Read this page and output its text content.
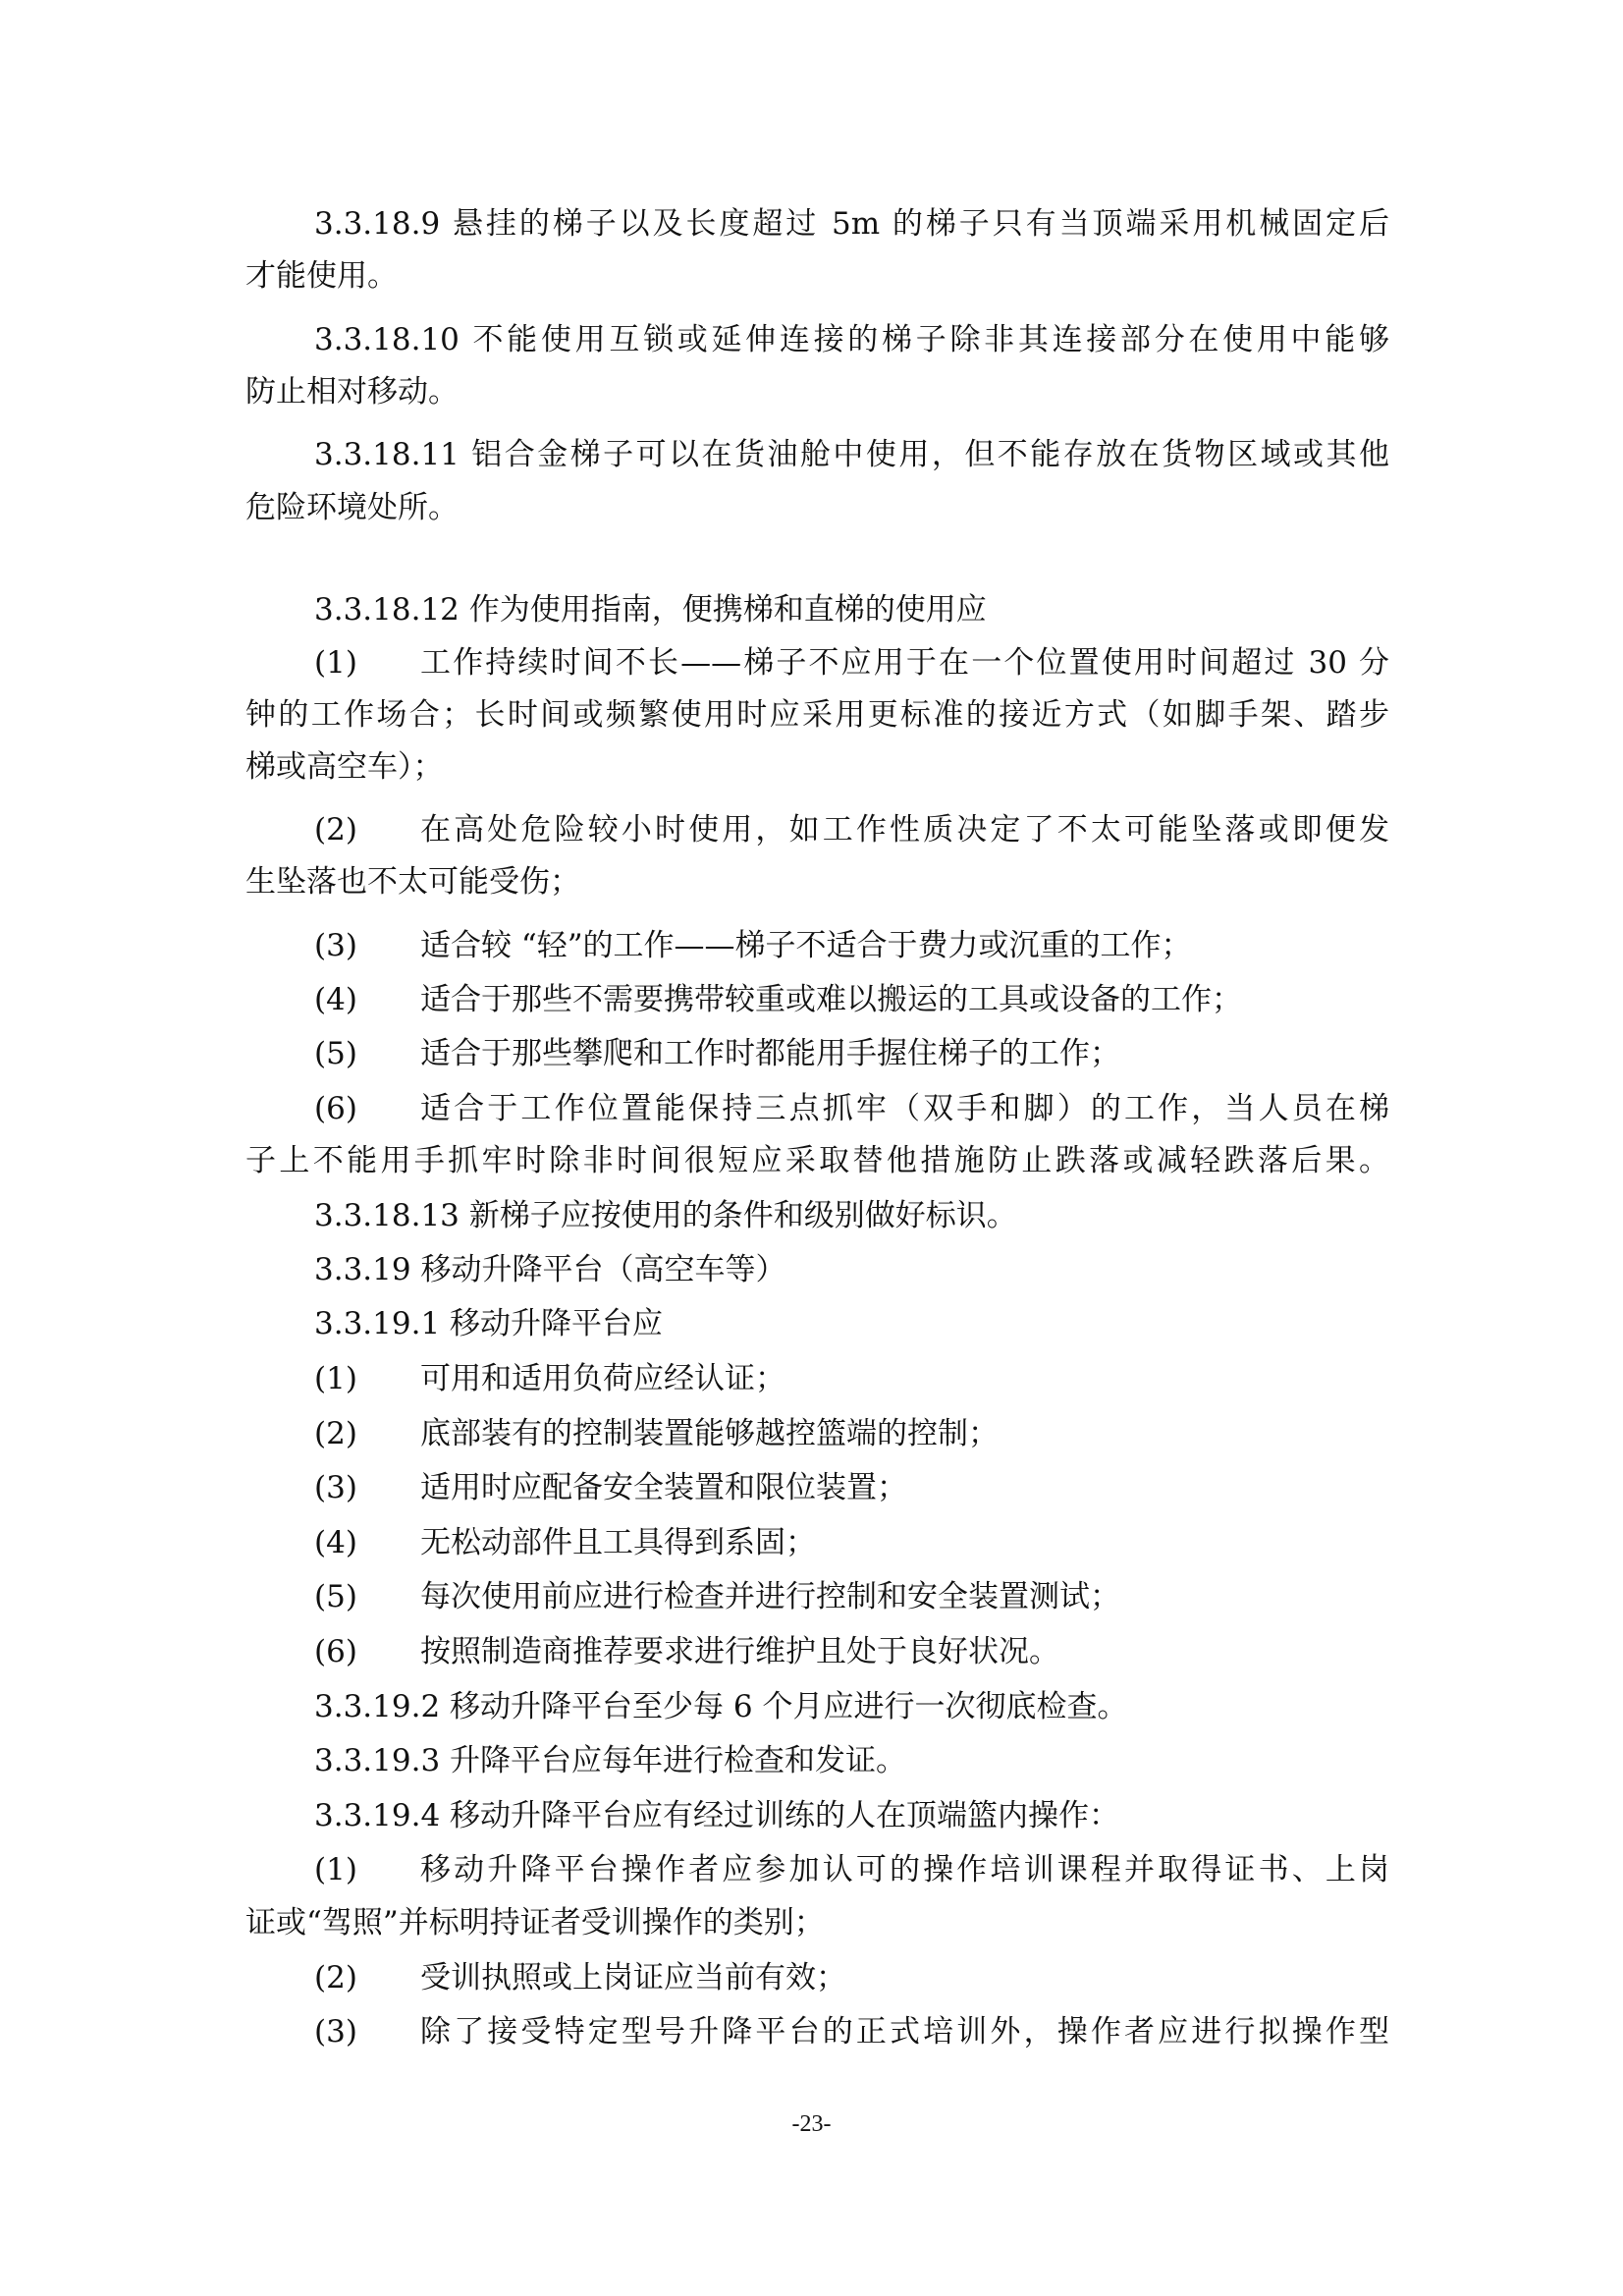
3.3.18.9 悬挂的梯子以及长度超过 5m 的梯子只有当顶端采用机械固定后
才能使用。
3.3.18.10 不能使用互锁或延伸连接的梯子除非其连接部分在使用中能够
防止相对移动。
3.3.18.11 铝合金梯子可以在货油舱中使用，但不能存放在货物区域或其他
危险环境处所。
3.3.18.12 作为使用指南，便携梯和直梯的使用应
(1) 工作持续时间不长——梯子不应用于在一个位置使用时间超过 30 分
钟的工作场合；长时间或频繁使用时应采用更标准的接近方式（如脚手架、踏步
梯或高空车）；
(2) 在高处危险较小时使用，如工作性质决定了不太可能坠落或即便发
生坠落也不太可能受伤；
(3) 适合较 “轻”的工作——梯子不适合于费力或沉重的工作；
(4) 适合于那些不需要携带较重或难以搬运的工具或设备的工作；
(5) 适合于那些攀爬和工作时都能用手握住梯子的工作；
(6) 适合于工作位置能保持三点抓牢（双手和脚）的工作，当人员在梯
子上不能用手抓牢时除非时间很短应采取替他措施防止跌落或减轻跌落后果。
3.3.18.13 新梯子应按使用的条件和级别做好标识。
3.3.19 移动升降平台（高空车等）
3.3.19.1 移动升降平台应
(1) 可用和适用负荷应经认证；
(2) 底部装有的控制装置能够越控篮端的控制；
(3) 适用时应配备安全装置和限位装置；
(4) 无松动部件且工具得到系固；
(5) 每次使用前应进行检查并进行控制和安全装置测试；
(6) 按照制造商推荐要求进行维护且处于良好状况。
3.3.19.2 移动升降平台至少每 6 个月应进行一次彻底检查。
3.3.19.3 升降平台应每年进行检查和发证。
3.3.19.4 移动升降平台应有经过训练的人在顶端篮内操作：
(1) 移动升降平台操作者应参加认可的操作培训课程并取得证书、上岗
证或“驾照”并标明持证者受训操作的类别；
(2) 受训执照或上岗证应当前有效；
(3) 除了接受特定型号升降平台的正式培训外，操作者应进行拟操作型
-23-
